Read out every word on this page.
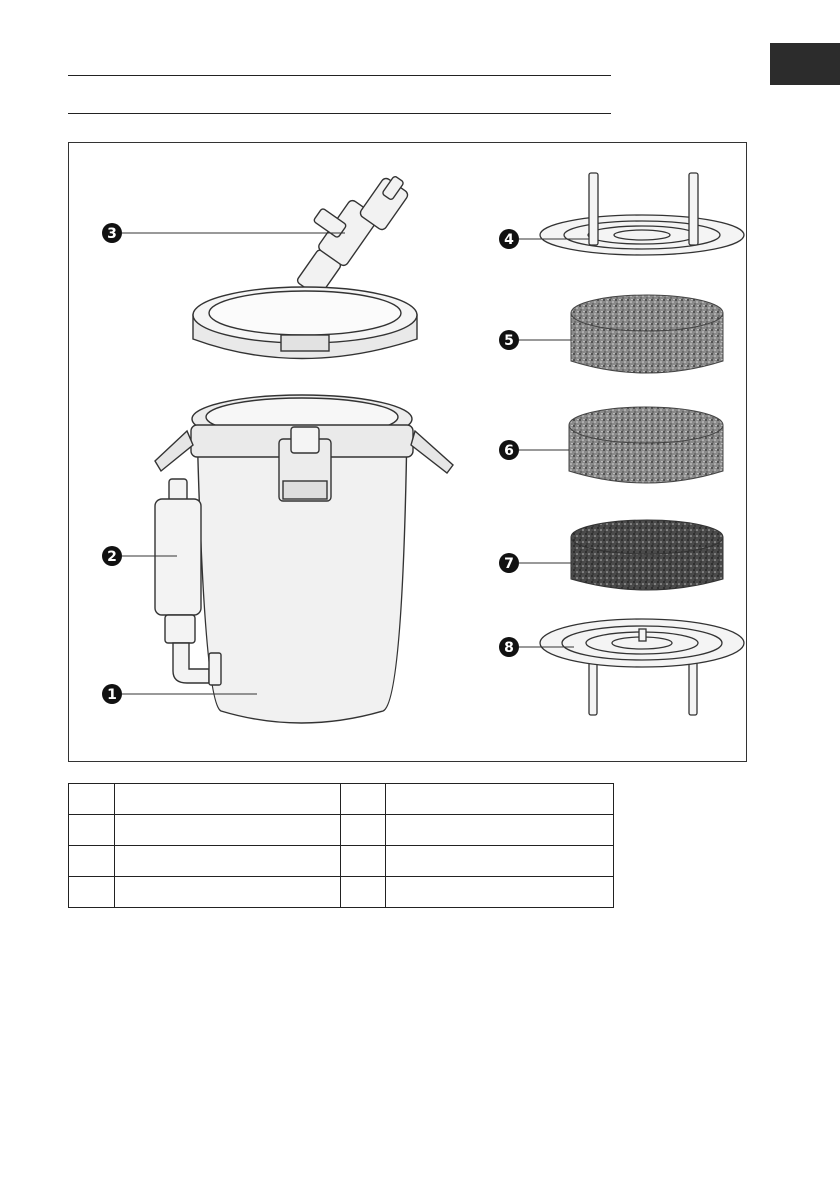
3
2
1
4
5
6
7
8
